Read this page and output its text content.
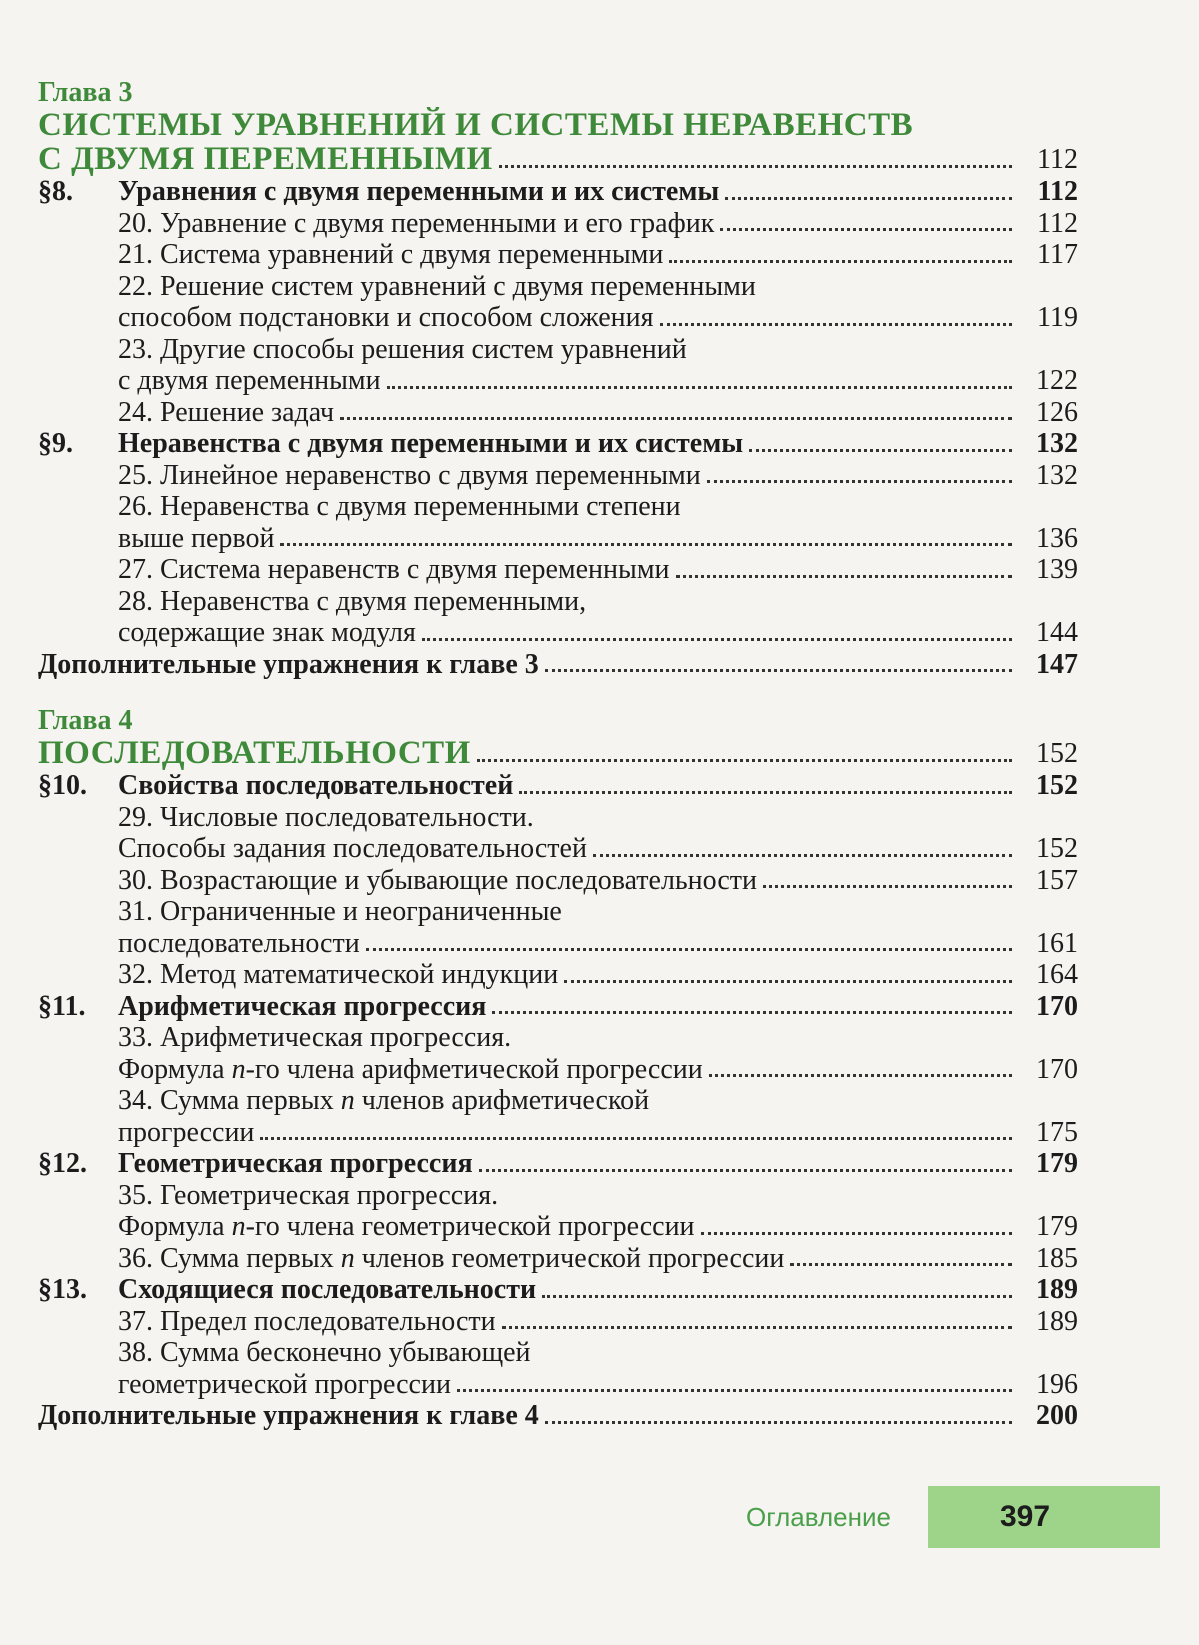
Глава 3
СИСТЕМЫ УРАВНЕНИЙ И СИСТЕМЫ НЕРАВЕНСТВ
С ДВУМЯ ПЕРЕМЕННЫМИ	112
§8.	Уравнения с двумя переменными и их системы	112
20. Уравнение с двумя переменными и его график	112
21. Система уравнений с двумя переменными	117
22. Решение систем уравнений с двумя переменными
способом подстановки и способом сложения	119
23. Другие способы решения систем уравнений
с двумя переменными	122
24. Решение задач	126
§9.	Неравенства с двумя переменными и их системы	132
25. Линейное неравенство с двумя переменными	132
26. Неравенства с двумя переменными степени
выше первой	136
27. Система неравенств с двумя переменными	139
28. Неравенства с двумя переменными,
содержащие знак модуля	144
Дополнительные упражнения к главе 3	147
Глава 4
ПОСЛЕДОВАТЕЛЬНОСТИ	152
§10.	Свойства последовательностей	152
29. Числовые последовательности.
Способы задания последовательностей	152
30. Возрастающие и убывающие последовательности	157
31. Ограниченные и неограниченные
последовательности	161
32. Метод математической индукции	164
§11.	Арифметическая прогрессия	170
33. Арифметическая прогрессия.
Формула n-го члена арифметической прогрессии	170
34. Сумма первых n членов арифметической
прогрессии	175
§12.	Геометрическая прогрессия	179
35. Геометрическая прогрессия.
Формула n-го члена геометрической прогрессии	179
36. Сумма первых n членов геометрической прогрессии	185
§13.	Сходящиеся последовательности	189
37. Предел последовательности	189
38. Сумма бесконечно убывающей
геометрической прогрессии	196
Дополнительные упражнения к главе 4	200
Оглавление	397
